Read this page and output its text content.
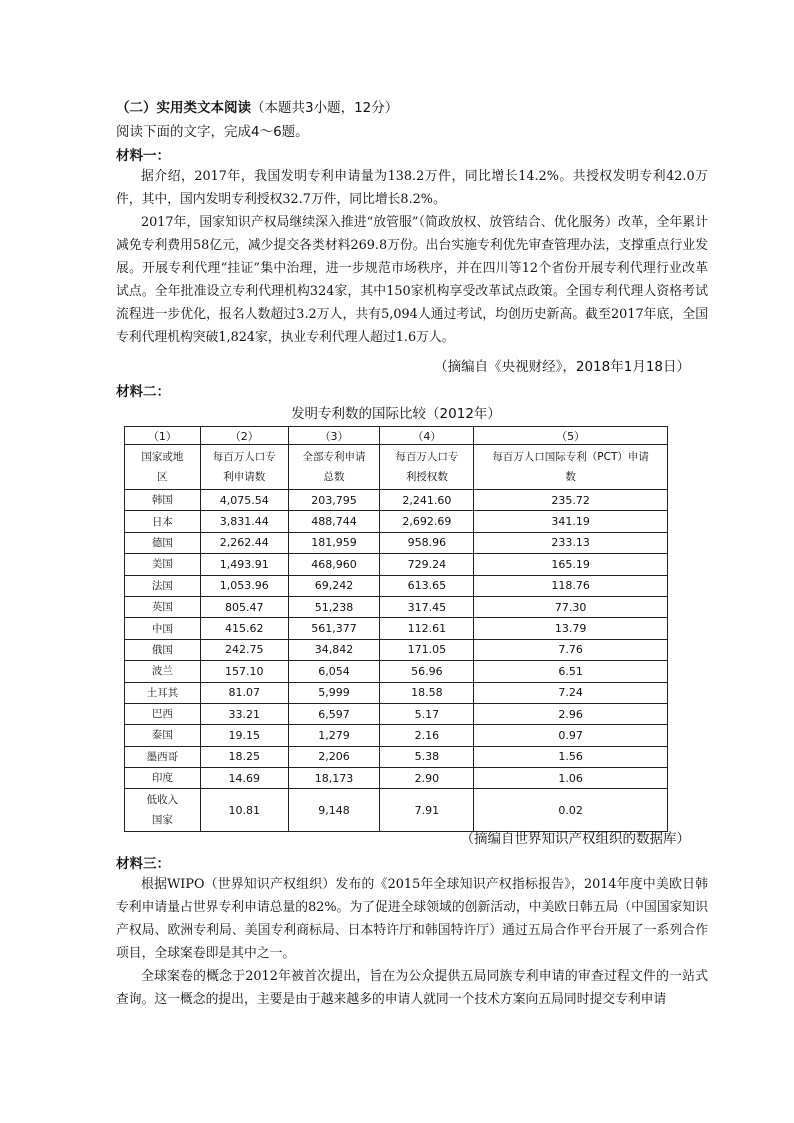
（二）实用类文本阅读（本题共3小题，12分）
阅读下面的文字，完成4～6题。
材料一：
据介绍，2017年，我国发明专利申请量为138.2万件，同比增长14.2%。共授权发明专利42.0万件，其中，国内发明专利授权32.7万件，同比增长8.2%。
2017年，国家知识产权局继续深入推进“放管服”（简政放权、放管结合、优化服务）改革，全年累计减免专利费用58亿元，减少提交各类材料269.8万份。出台实施专利优先审查管理办法，支撑重点行业发展。开展专利代理“挂证”集中治理，进一步规范市场秩序，并在四川等12个省份开展专利代理行业改革试点。全年批准设立专利代理机构324家，其中150家机构享受改革试点政策。全国专利代理人资格考试流程进一步优化，报名人数超过3.2万人，共有5,094人通过考试，均创历史新高。截至2017年底，全国专利代理机构突破1,824家，执业专利代理人超过1.6万人。
（摘编自《央视财经》，2018年1月18日）
材料二：
发明专利数的国际比较（2012年）
（1）	（2）	（3）	（4）	（5）

国家或地区	每百万人口专利申请数	全部专利申请总数	每百万人口专利授权数	每百万人口国际专利（PCT）申请数

韩国	4,075.54	203,795	2,241.60	235.72
日本	3,831.44	488,744	2,692.69	341.19
德国	2,262.44	181,959	958.96	233.13
美国	1,493.91	468,960	729.24	165.19
法国	1,053.96	69,242	613.65	118.76
英国	805.47	51,238	317.45	77.30
中国	415.62	561,377	112.61	13.79
俄国	242.75	34,842	171.05	7.76
波兰	157.10	6,054	56.96	6.51
土耳其	81.07	5,999	18.58	7.24
巴西	33.21	6,597	5.17	2.96
泰国	19.15	1,279	2.16	0.97
墨西哥	18.25	2,206	5.38	1.56
印度	14.69	18,173	2.90	1.06

低收入国家	10.81	9,148	7.91	0.02
（摘编自世界知识产权组织的数据库）
材料三：
根据WIPO（世界知识产权组织）发布的《2015年全球知识产权指标报告》，2014年度中美欧日韩专利申请量占世界专利申请总量的82%。为了促进全球领域的创新活动，中美欧日韩五局（中国国家知识产权局、欧洲专利局、美国专利商标局、日本特许厅和韩国特许厅）通过五局合作平台开展了一系列合作项目，全球案卷即是其中之一。
全球案卷的概念于2012年被首次提出，旨在为公众提供五局同族专利申请的审查过程文件的一站式查询。这一概念的提出，主要是由于越来越多的申请人就同一个技术方案向五局同时提交专利申请
